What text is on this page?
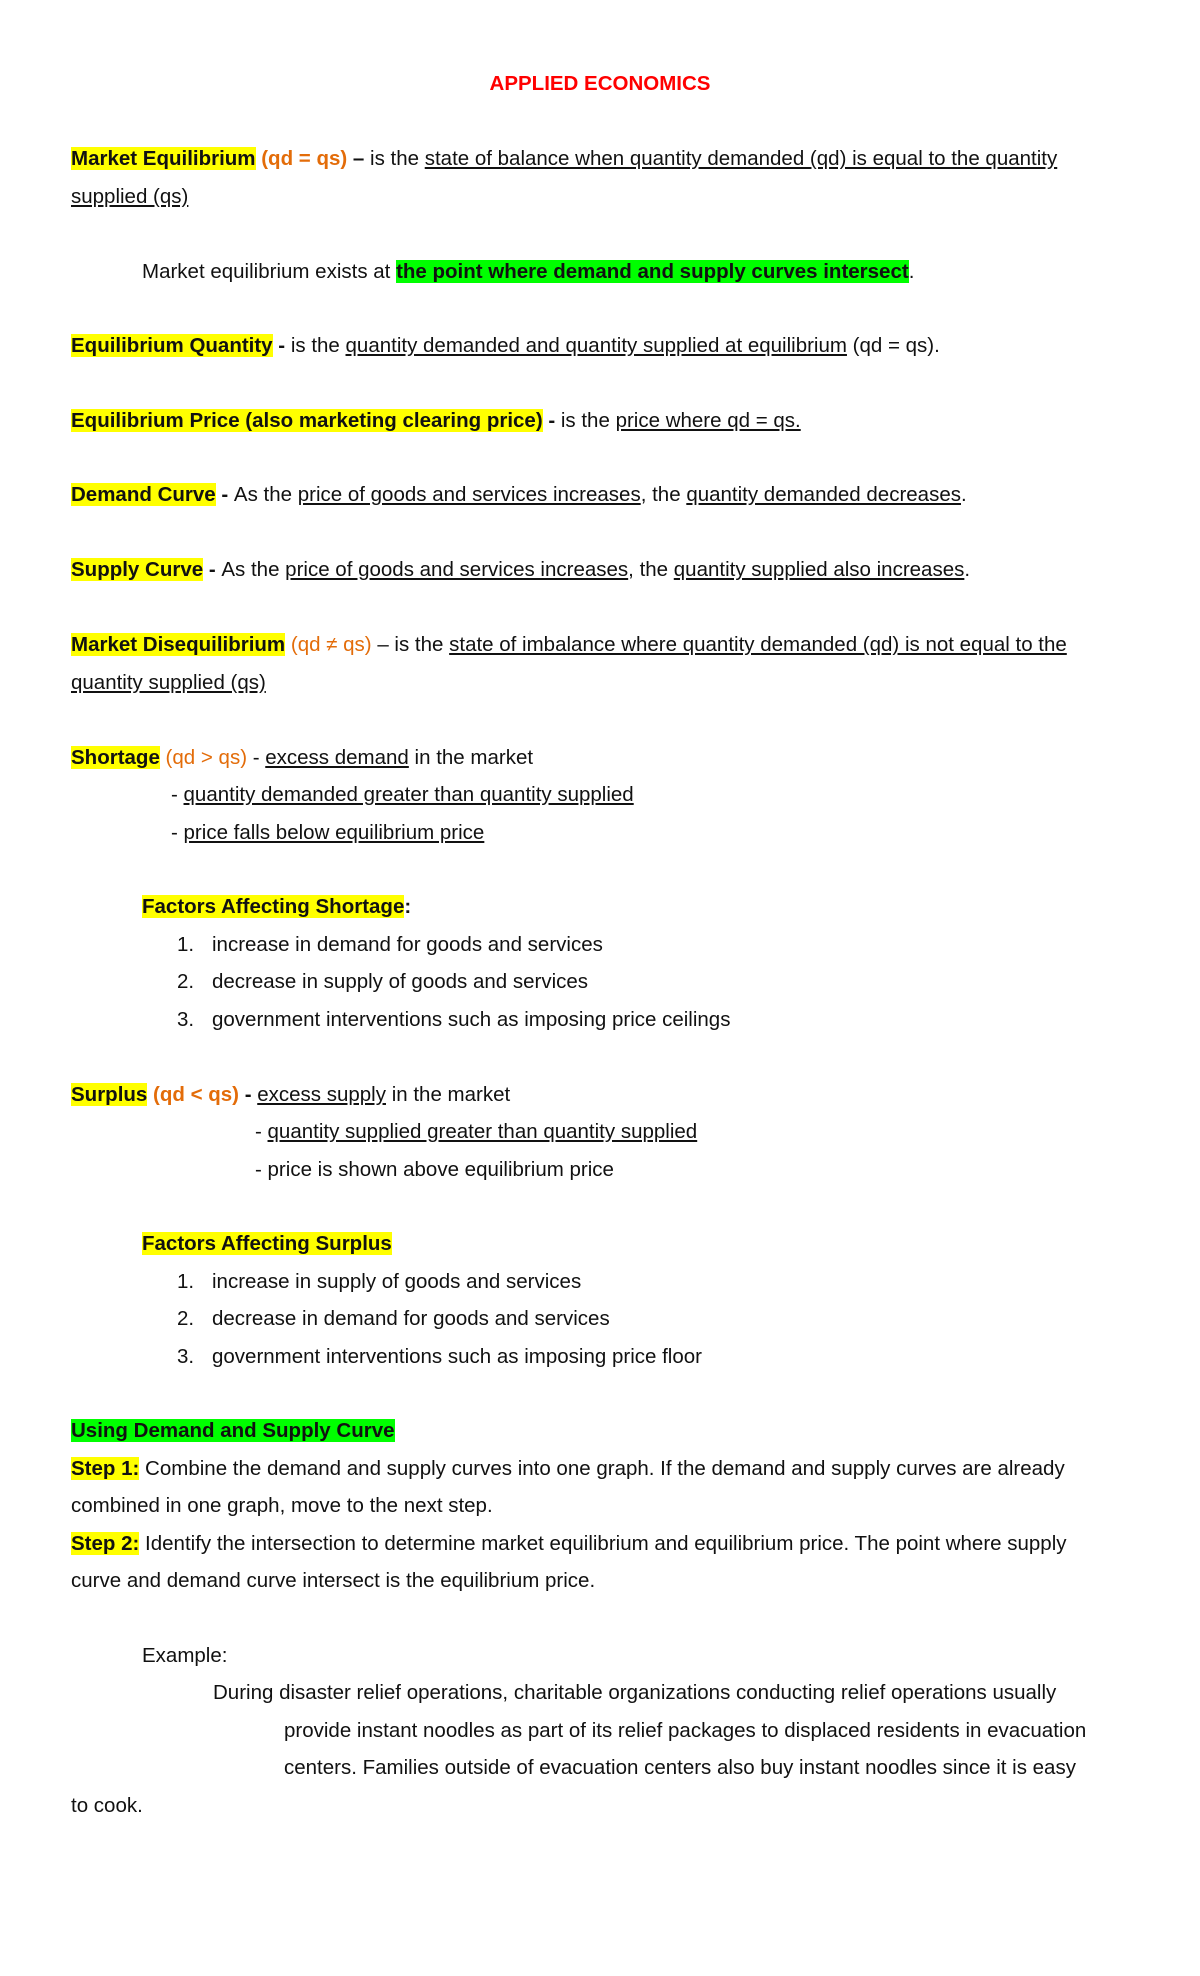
APPLIED ECONOMICS
Market Equilibrium (qd = qs) – is the state of balance when quantity demanded (qd) is equal to the quantity
supplied (qs)
Market equilibrium exists at the point where demand and supply curves intersect.
Equilibrium Quantity - is the quantity demanded and quantity supplied at equilibrium (qd = qs).
Equilibrium Price (also marketing clearing price) - is the price where qd = qs.
Demand Curve - As the price of goods and services increases, the quantity demanded decreases.
Supply Curve - As the price of goods and services increases, the quantity supplied also increases.
Market Disequilibrium (qd ≠ qs) – is the state of imbalance where quantity demanded (qd) is not equal to the
quantity supplied (qs)
Shortage (qd > qs) - excess demand in the market
- quantity demanded greater than quantity supplied
- price falls below equilibrium price
Factors Affecting Shortage:
1. increase in demand for goods and services
2. decrease in supply of goods and services
3. government interventions such as imposing price ceilings
Surplus (qd < qs) - excess supply in the market
- quantity supplied greater than quantity supplied
- price is shown above equilibrium price
Factors Affecting Surplus
1. increase in supply of goods and services
2. decrease in demand for goods and services
3. government interventions such as imposing price floor
Using Demand and Supply Curve
Step 1: Combine the demand and supply curves into one graph. If the demand and supply curves are already
combined in one graph, move to the next step.
Step 2: Identify the intersection to determine market equilibrium and equilibrium price. The point where supply
curve and demand curve intersect is the equilibrium price.
Example:
During disaster relief operations, charitable organizations conducting relief operations usually
provide instant noodles as part of its relief packages to displaced residents in evacuation
centers. Families outside of evacuation centers also buy instant noodles since it is easy
to cook.
